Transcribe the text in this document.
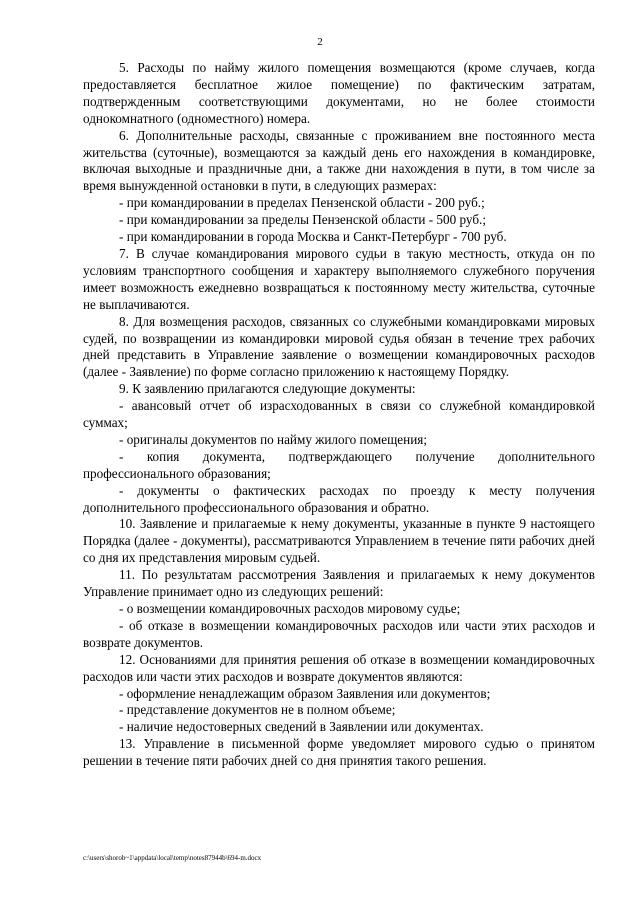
2

5. Расходы по найму жилого помещения возмещаются (кроме случаев, когда предоставляется бесплатное жилое помещение) по фактическим затратам, подтвержденным соответствующими документами, но не более стоимости однокомнатного (одноместного) номера.

6. Дополнительные расходы, связанные с проживанием вне постоянного места жительства (суточные), возмещаются за каждый день его нахождения в командировке, включая выходные и праздничные дни, а также дни нахождения в пути, в том числе за время вынужденной остановки в пути, в следующих размерах:

- при командировании в пределах Пензенской области - 200 руб.;

- при командировании за пределы Пензенской области - 500 руб.;

- при командировании в города Москва и Санкт-Петербург - 700 руб.

7. В случае командирования мирового судьи в такую местность, откуда он по условиям транспортного сообщения и характеру выполняемого служебного поручения имеет возможность ежедневно возвращаться к постоянному месту жительства, суточные не выплачиваются.

8. Для возмещения расходов, связанных со служебными командировками мировых судей, по возвращении из командировки мировой судья обязан в течение трех рабочих дней представить в Управление заявление о возмещении командировочных расходов (далее - Заявление) по форме согласно приложению к настоящему Порядку.

9. К заявлению прилагаются следующие документы:

- авансовый отчет об израсходованных в связи со служебной командировкой суммах;

- оригиналы документов по найму жилого помещения;

- копия документа, подтверждающего получение дополнительного профессионального образования;

- документы о фактических расходах по проезду к месту получения дополнительного профессионального образования и обратно.

10. Заявление и прилагаемые к нему документы, указанные в пункте 9 настоящего Порядка (далее - документы), рассматриваются Управлением в течение пяти рабочих дней со дня их представления мировым судьей.

11. По результатам рассмотрения Заявления и прилагаемых к нему документов Управление принимает одно из следующих решений:

- о возмещении командировочных расходов мировому судье;

- об отказе в возмещении командировочных расходов или части этих расходов и возврате документов.

12. Основаниями для принятия решения об отказе в возмещении командировочных расходов или части этих расходов и возврате документов являются:

- оформление ненадлежащим образом Заявления или документов;

- представление документов не в полном объеме;

- наличие недостоверных сведений в Заявлении или документах.

13. Управление в письменной форме уведомляет мирового судью о принятом решении в течение пяти рабочих дней со дня принятия такого решения.

c:\users\shorob~1\appdata\local\temp\notes87944b\694-m.docx
